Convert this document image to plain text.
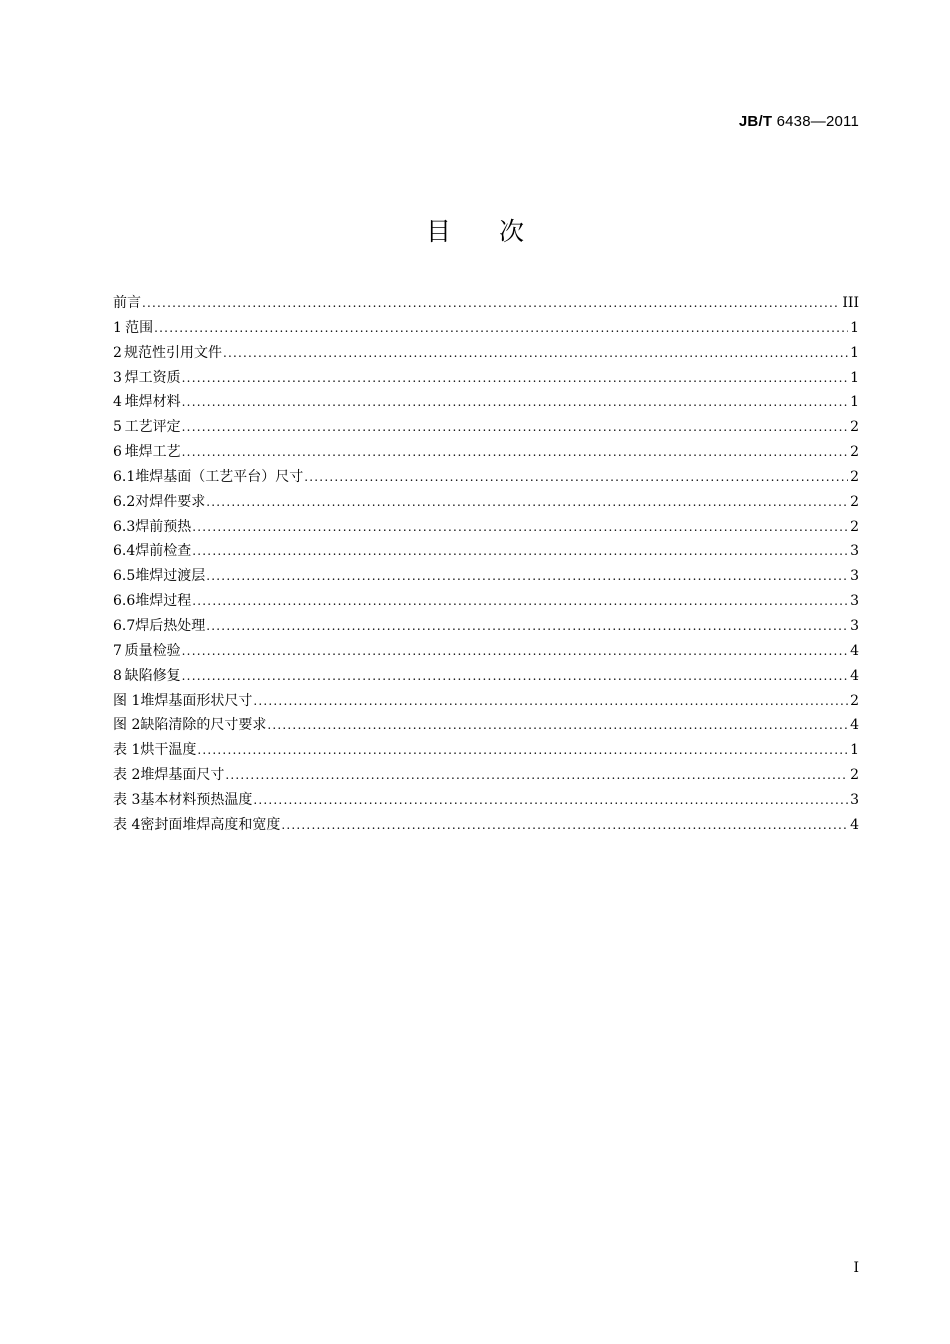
JB/T 6438—2011
目次
前言 .....	III
1 范围 .....	1
2 规范性引用文件 .....	1
3 焊工资质 .....	1
4 堆焊材料 .....	1
5 工艺评定 .....	2
6 堆焊工艺 .....	2
6.1 堆焊基面（工艺平台）尺寸 .....	2
6.2 对焊件要求 .....	2
6.3 焊前预热 .....	2
6.4 焊前检查 .....	3
6.5 堆焊过渡层 .....	3
6.6 堆焊过程 .....	3
6.7 焊后热处理 .....	3
7 质量检验 .....	4
8 缺陷修复 .....	4
图 1 堆焊基面形状尺寸 .....	2
图 2 缺陷清除的尺寸要求 .....	4
表 1 烘干温度 .....	1
表 2 堆焊基面尺寸 .....	2
表 3 基本材料预热温度 .....	3
表 4 密封面堆焊高度和宽度 .....	4
I
